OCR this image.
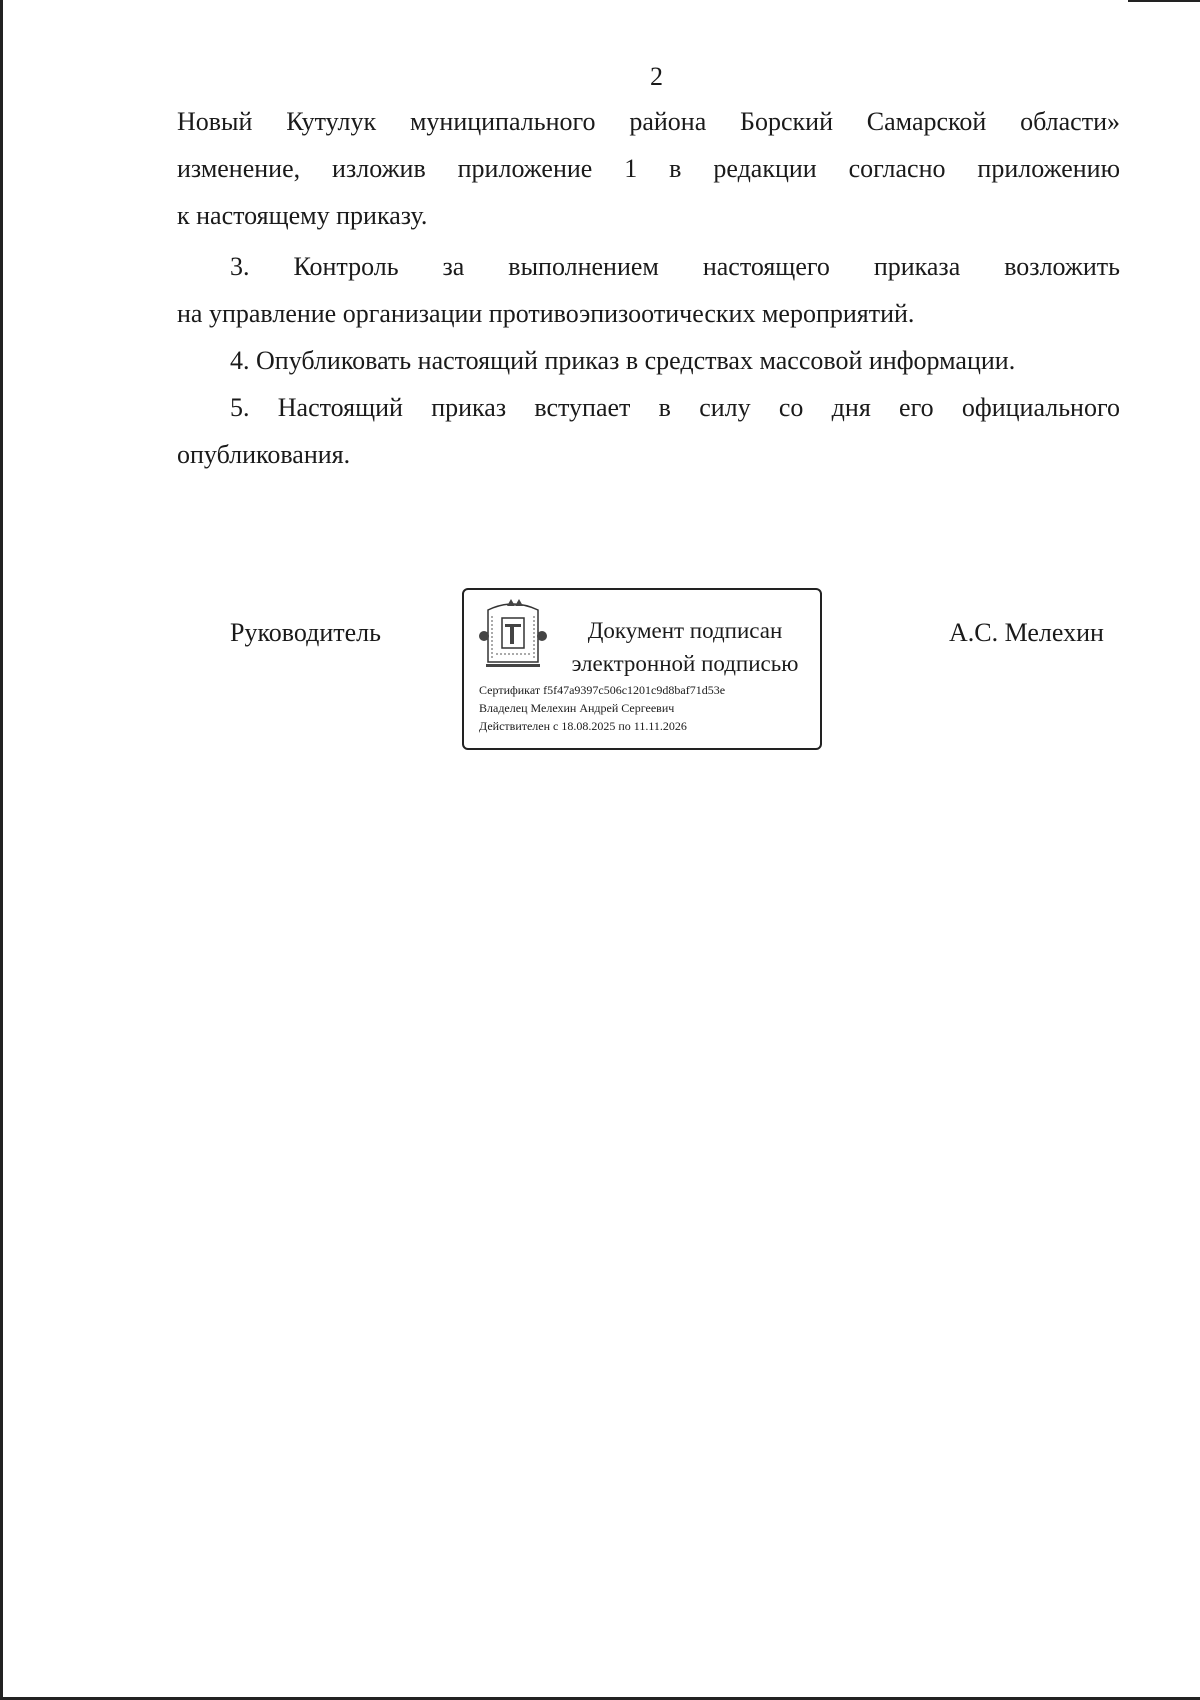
2
Новый Кутулук муниципального района Борский Самарской области»
изменение, изложив приложение 1 в редакции согласно приложению
к настоящему приказу.
3. Контроль за выполнением настоящего приказа возложить
на управление организации противоэпизоотических мероприятий.
4. Опубликовать настоящий приказ в средствах массовой информации.
5. Настоящий приказ вступает в силу со дня его официального
опубликования.
Руководитель	А.С. Мелехин
Документ подписан
электронной подписью
Сертификат f5f47a9397c506c1201c9d8baf71d53e
Владелец Мелехин Андрей Сергеевич
Действителен с 18.08.2025 по 11.11.2026
